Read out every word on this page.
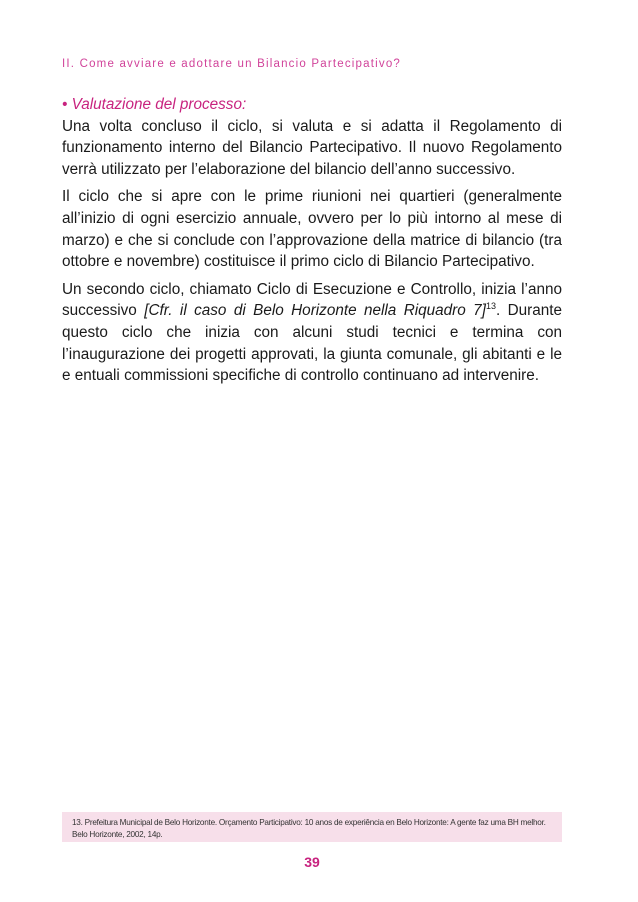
II. Come avviare e adottare un Bilancio Partecipativo?

• Valutazione del processo:

Una volta concluso il ciclo, si valuta e si adatta il Regolamento di funzionamento interno del Bilancio Partecipativo. Il nuovo Regolamento verrà utilizzato per l’elaborazione del bilancio dell’anno successivo.

Il ciclo che si apre con le prime riunioni nei quartieri (generalmente all’inizio di ogni esercizio annuale, ovvero per lo più intorno al mese di marzo) e che si conclude con l’approvazione della matrice di bilancio (tra ottobre e novembre) costituisce il primo ciclo di Bilancio Partecipativo.

Un secondo ciclo, chiamato Ciclo di Esecuzione e Controllo, inizia l’anno successivo [Cfr. il caso di Belo Horizonte nella Riquadro 7]$^{13}$. Durante questo ciclo che inizia con alcuni studi tecnici e termina con l’inaugurazione dei progetti approvati, la giunta comunale, gli abitanti e le e entuali commissioni specifiche di controllo continuano ad intervenire.

13. Prefeitura Municipal de Belo Horizonte. Orçamento Participativo: 10 anos de experiência en Belo Horizonte: A gente faz uma BH melhor. Belo Horizonte, 2002, 14p.
39
